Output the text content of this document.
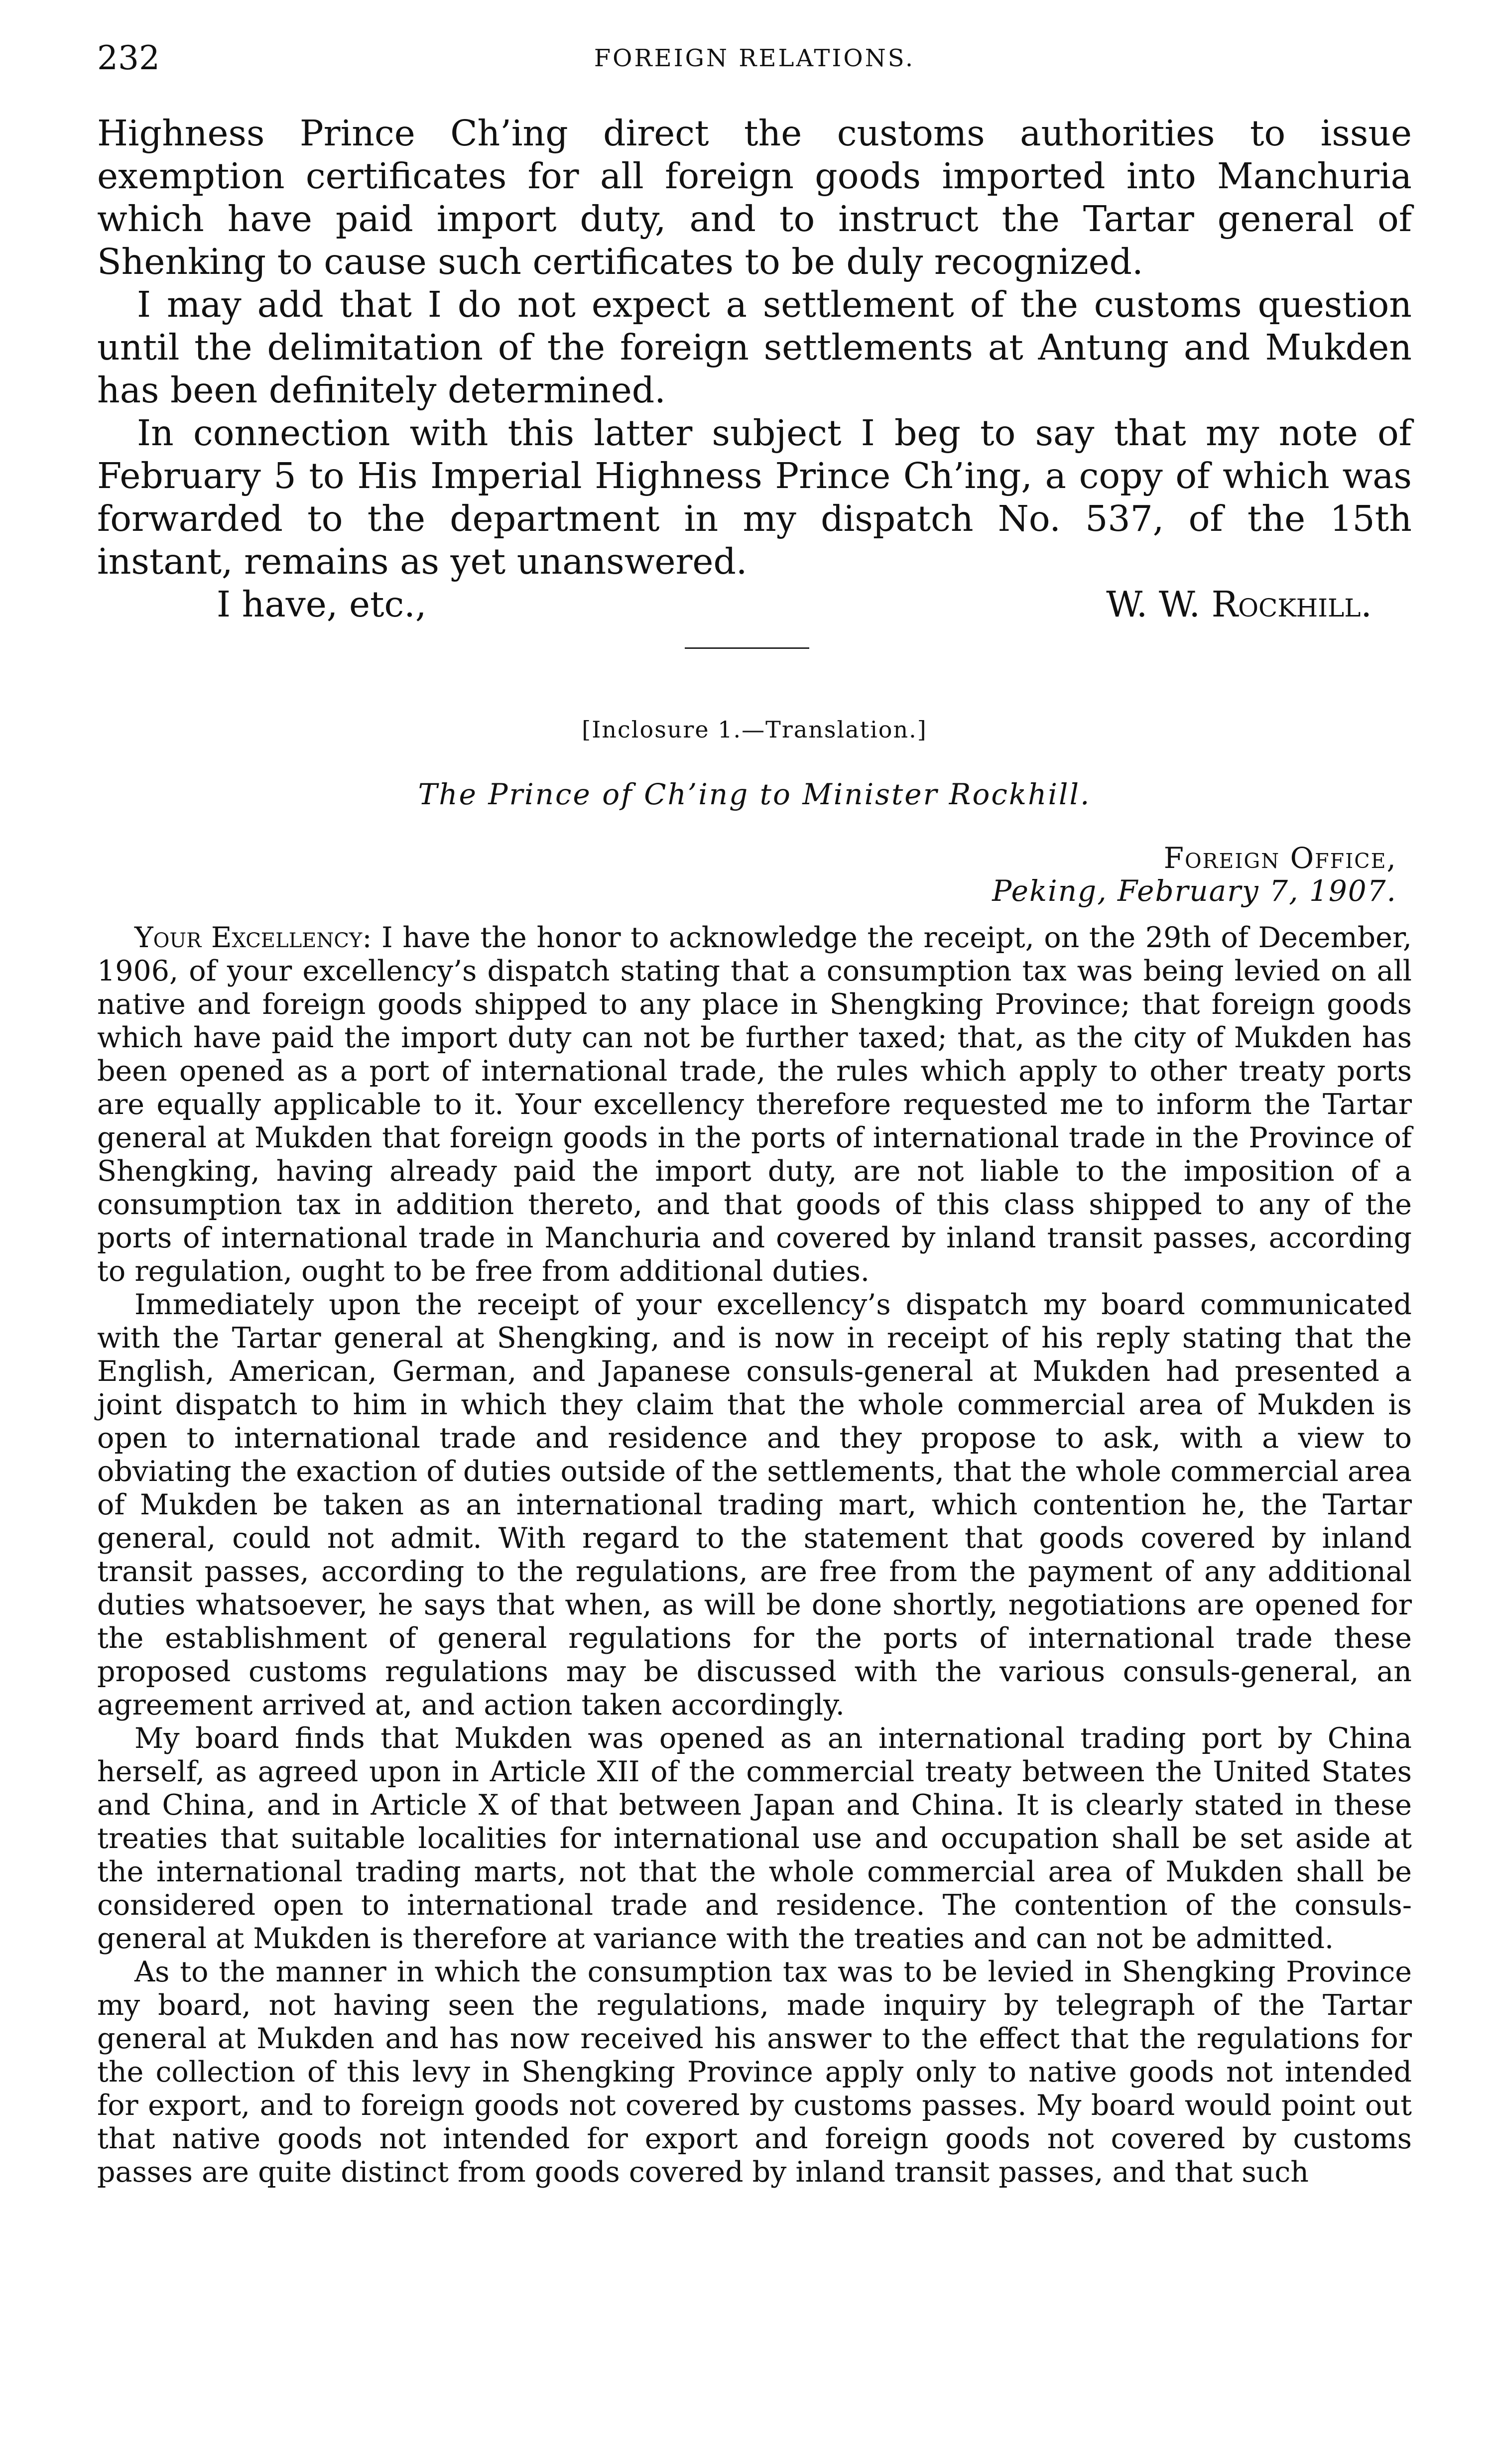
232	FOREIGN RELATIONS.

Highness Prince Ch’ing direct the customs authorities to issue exemption certificates for all foreign goods imported into Manchuria which have paid import duty, and to instruct the Tartar general of Shenking to cause such certificates to be duly recognized.

I may add that I do not expect a settlement of the customs question until the delimitation of the foreign settlements at Antung and Mukden has been definitely determined.

In connection with this latter subject I beg to say that my note of February 5 to His Imperial Highness Prince Ch’ing, a copy of which was forwarded to the department in my dispatch No. 537, of the 15th instant, remains as yet unanswered.

I have, etc.,	W. W. Rockhill.
[Inclosure 1.—Translation.]
The Prince of Ch’ing to Minister Rockhill.
Foreign Office,
Peking, February 7, 1907.

Your Excellency: I have the honor to acknowledge the receipt, on the 29th of December, 1906, of your excellency’s dispatch stating that a consumption tax was being levied on all native and foreign goods shipped to any place in Shengking Province; that foreign goods which have paid the import duty can not be further taxed; that, as the city of Mukden has been opened as a port of international trade, the rules which apply to other treaty ports are equally applicable to it. Your excellency therefore requested me to inform the Tartar general at Mukden that foreign goods in the ports of international trade in the Province of Shengking, having already paid the import duty, are not liable to the imposition of a consumption tax in addition thereto, and that goods of this class shipped to any of the ports of international trade in Manchuria and covered by inland transit passes, according to regulation, ought to be free from additional duties.

Immediately upon the receipt of your excellency’s dispatch my board communicated with the Tartar general at Shengking, and is now in receipt of his reply stating that the English, American, German, and Japanese consuls-general at Mukden had presented a joint dispatch to him in which they claim that the whole commercial area of Mukden is open to international trade and residence and they propose to ask, with a view to obviating the exaction of duties outside of the settlements, that the whole commercial area of Mukden be taken as an international trading mart, which contention he, the Tartar general, could not admit. With regard to the statement that goods covered by inland transit passes, according to the regulations, are free from the payment of any additional duties whatsoever, he says that when, as will be done shortly, negotiations are opened for the establishment of general regulations for the ports of international trade these proposed customs regulations may be discussed with the various consuls-general, an agreement arrived at, and action taken accordingly.

My board finds that Mukden was opened as an international trading port by China herself, as agreed upon in Article XII of the commercial treaty between the United States and China, and in Article X of that between Japan and China. It is clearly stated in these treaties that suitable localities for international use and occupation shall be set aside at the international trading marts, not that the whole commercial area of Mukden shall be considered open to international trade and residence. The contention of the consuls-general at Mukden is therefore at variance with the treaties and can not be admitted.

As to the manner in which the consumption tax was to be levied in Shengking Province my board, not having seen the regulations, made inquiry by telegraph of the Tartar general at Mukden and has now received his answer to the effect that the regulations for the collection of this levy in Shengking Province apply only to native goods not intended for export, and to foreign goods not covered by customs passes. My board would point out that native goods not intended for export and foreign goods not covered by customs passes are quite distinct from goods covered by inland transit passes, and that such
